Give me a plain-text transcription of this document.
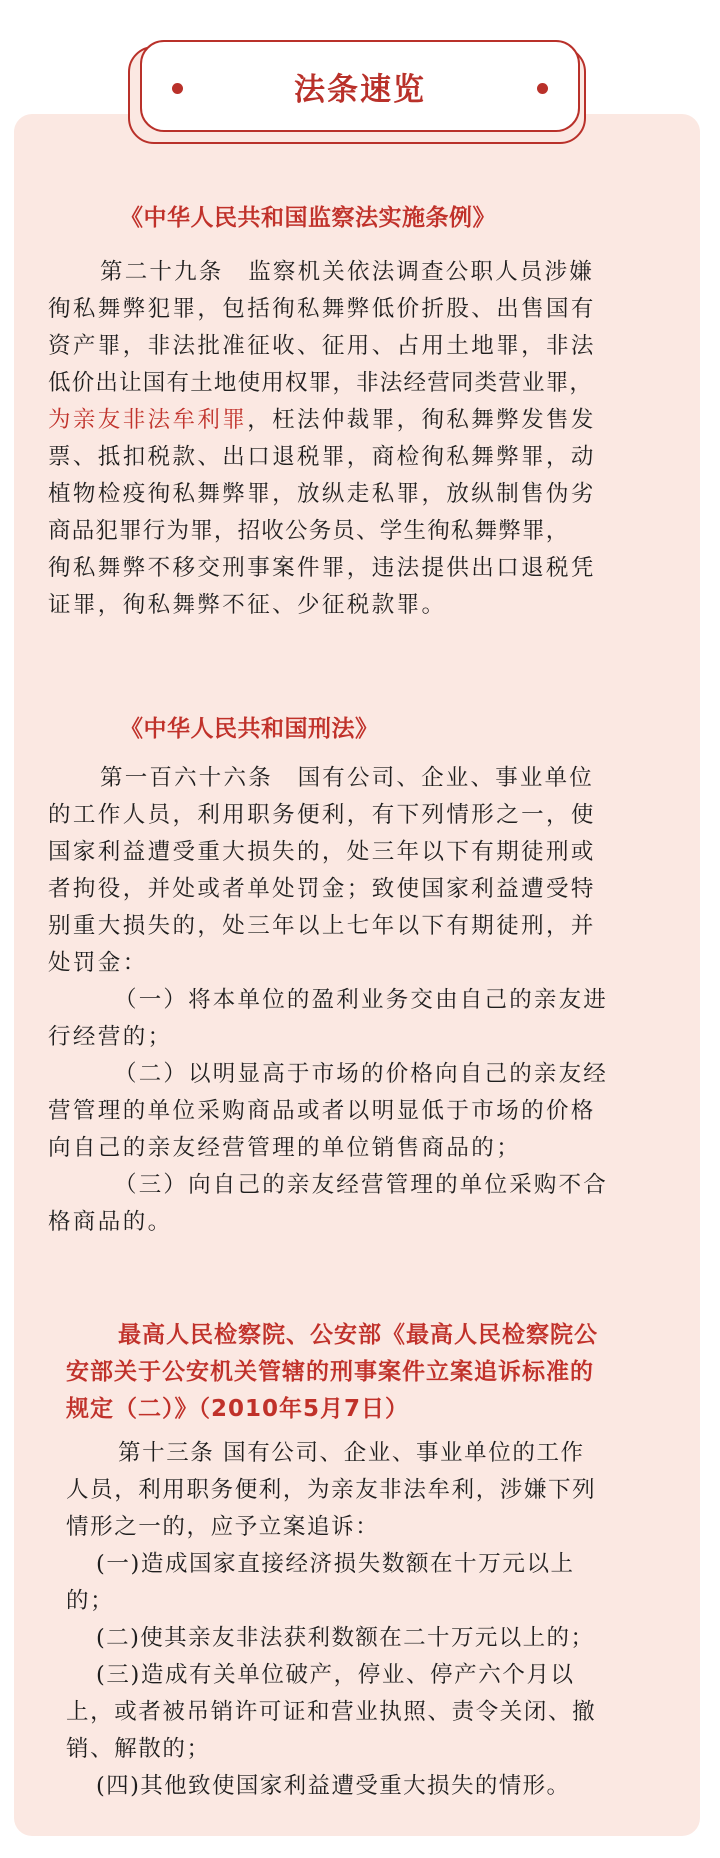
法条速览

《中华人民共和国监察法实施条例》

第二十九条　监察机关依法调查公职人员涉嫌
徇私舞弊犯罪，包括徇私舞弊低价折股、出售国有
资产罪，非法批准征收、征用、占用土地罪，非法
低价出让国有土地使用权罪，非法经营同类营业罪，
为亲友非法牟利罪，枉法仲裁罪，徇私舞弊发售发
票、抵扣税款、出口退税罪，商检徇私舞弊罪，动
植物检疫徇私舞弊罪，放纵走私罪，放纵制售伪劣
商品犯罪行为罪，招收公务员、学生徇私舞弊罪，
徇私舞弊不移交刑事案件罪，违法提供出口退税凭
证罪，徇私舞弊不征、少征税款罪。

《中华人民共和国刑法》

第一百六十六条　国有公司、企业、事业单位
的工作人员，利用职务便利，有下列情形之一，使
国家利益遭受重大损失的，处三年以下有期徒刑或
者拘役，并处或者单处罚金；致使国家利益遭受特
别重大损失的，处三年以上七年以下有期徒刑，并
处罚金：
（一）将本单位的盈利业务交由自己的亲友进
行经营的；
（二）以明显高于市场的价格向自己的亲友经
营管理的单位采购商品或者以明显低于市场的价格
向自己的亲友经营管理的单位销售商品的；
（三）向自己的亲友经营管理的单位采购不合
格商品的。
最高人民检察院、公安部《最高人民检察院公
安部关于公安机关管辖的刑事案件立案追诉标准的
规定（二）》（2010年5月7日）
第十三条 国有公司、企业、事业单位的工作
人员，利用职务便利，为亲友非法牟利，涉嫌下列
情形之一的，应予立案追诉：
(一)造成国家直接经济损失数额在十万元以上
的；
(二)使其亲友非法获利数额在二十万元以上的；
(三)造成有关单位破产，停业、停产六个月以
上，或者被吊销许可证和营业执照、责令关闭、撤
销、解散的；
(四)其他致使国家利益遭受重大损失的情形。
